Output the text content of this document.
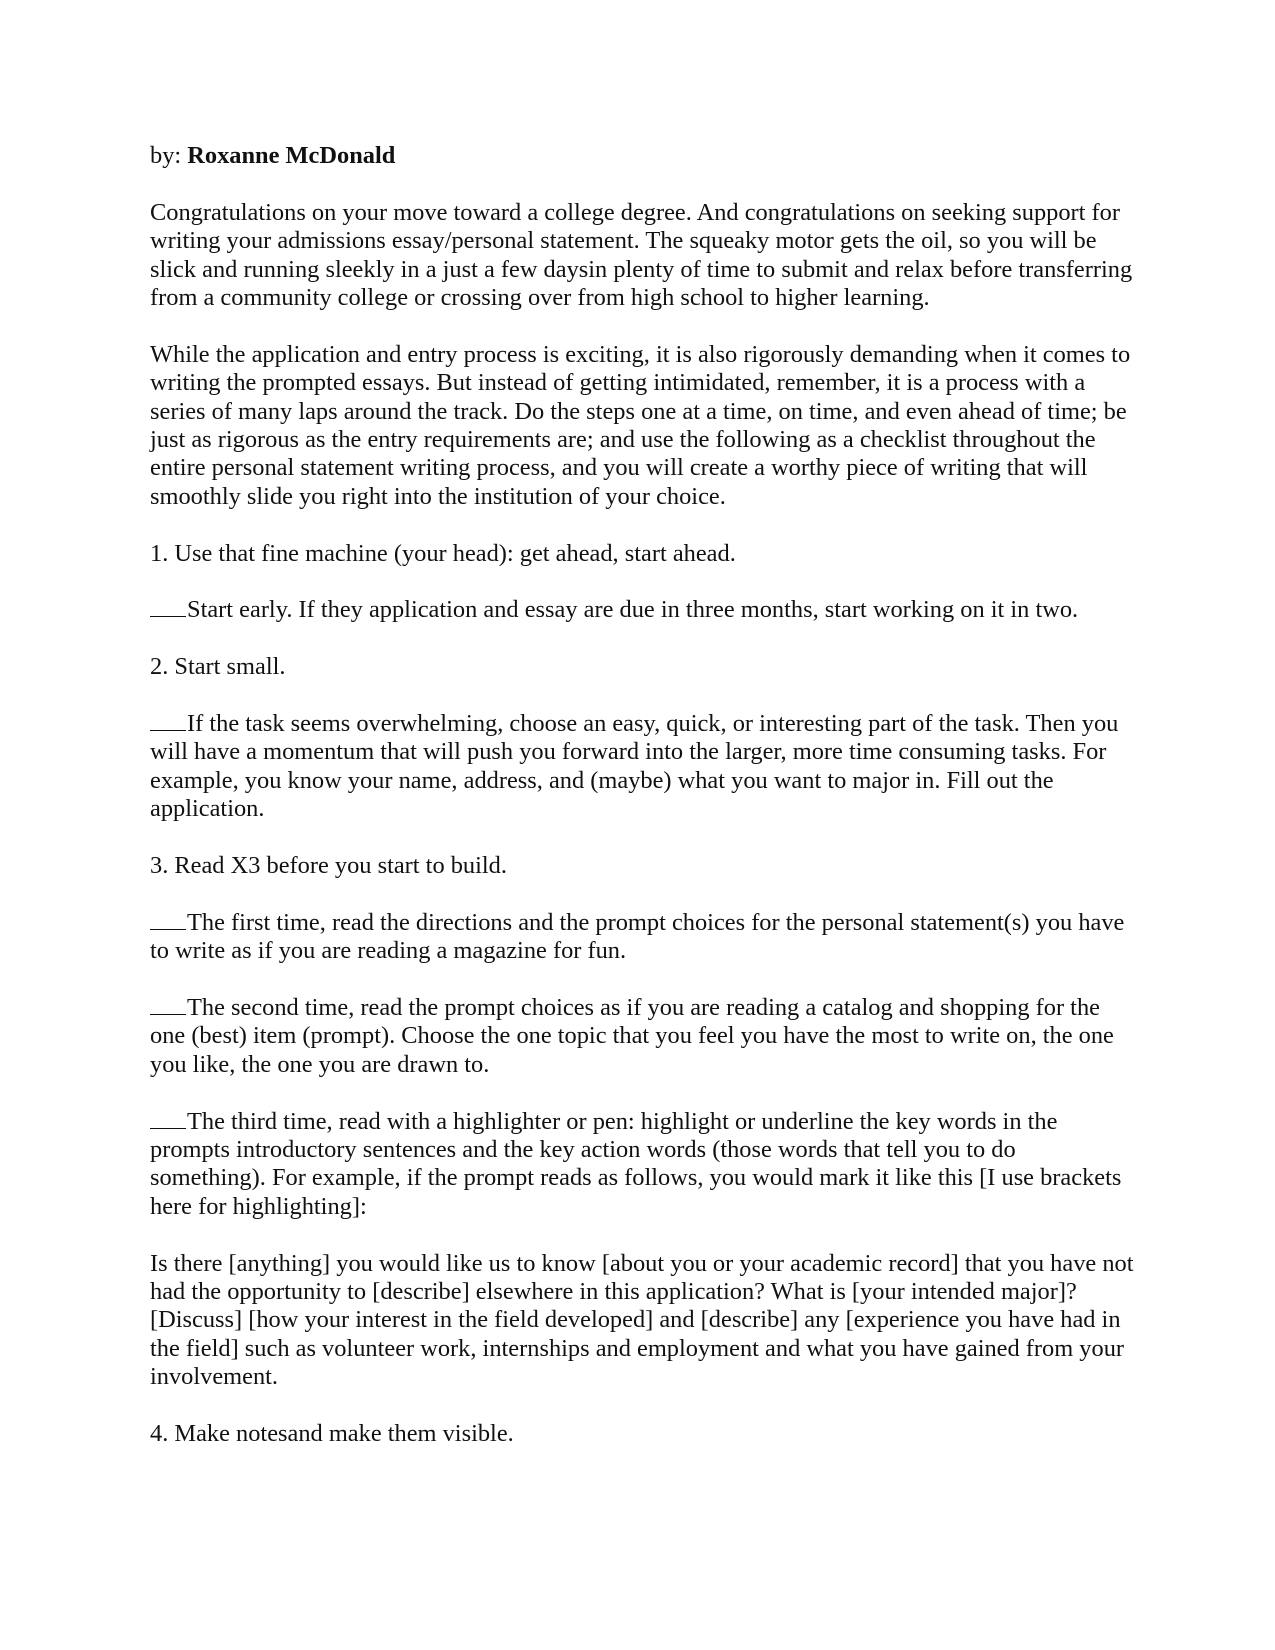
by: Roxanne McDonald

Congratulations on your move toward a college degree. And congratulations on seeking support for writing your admissions essay/personal statement. The squeaky motor gets the oil, so you will be slick and running sleekly in a just a few daysin plenty of time to submit and relax before transferring from a community college or crossing over from high school to higher learning.

While the application and entry process is exciting, it is also rigorously demanding when it comes to writing the prompted essays. But instead of getting intimidated, remember, it is a process with a series of many laps around the track. Do the steps one at a time, on time, and even ahead of time; be just as rigorous as the entry requirements are; and use the following as a checklist throughout the entire personal statement writing process, and you will create a worthy piece of writing that will smoothly slide you right into the institution of your choice.

1. Use that fine machine (your head): get ahead, start ahead.

Start early. If they application and essay are due in three months, start working on it in two.

2. Start small.

If the task seems overwhelming, choose an easy, quick, or interesting part of the task. Then you will have a momentum that will push you forward into the larger, more time consuming tasks. For example, you know your name, address, and (maybe) what you want to major in. Fill out the application.

3. Read X3 before you start to build.

The first time, read the directions and the prompt choices for the personal statement(s) you have to write as if you are reading a magazine for fun.

The second time, read the prompt choices as if you are reading a catalog and shopping for the one (best) item (prompt). Choose the one topic that you feel you have the most to write on, the one you like, the one you are drawn to.

The third time, read with a highlighter or pen: highlight or underline the key words in the prompts introductory sentences and the key action words (those words that tell you to do something). For example, if the prompt reads as follows, you would mark it like this [I use brackets here for highlighting]:

Is there [anything] you would like us to know [about you or your academic record] that you have not had the opportunity to [describe] elsewhere in this application? What is [your intended major]? [Discuss] [how your interest in the field developed] and [describe] any [experience you have had in the field] such as volunteer work, internships and employment and what you have gained from your involvement.

4. Make notesand make them visible.
